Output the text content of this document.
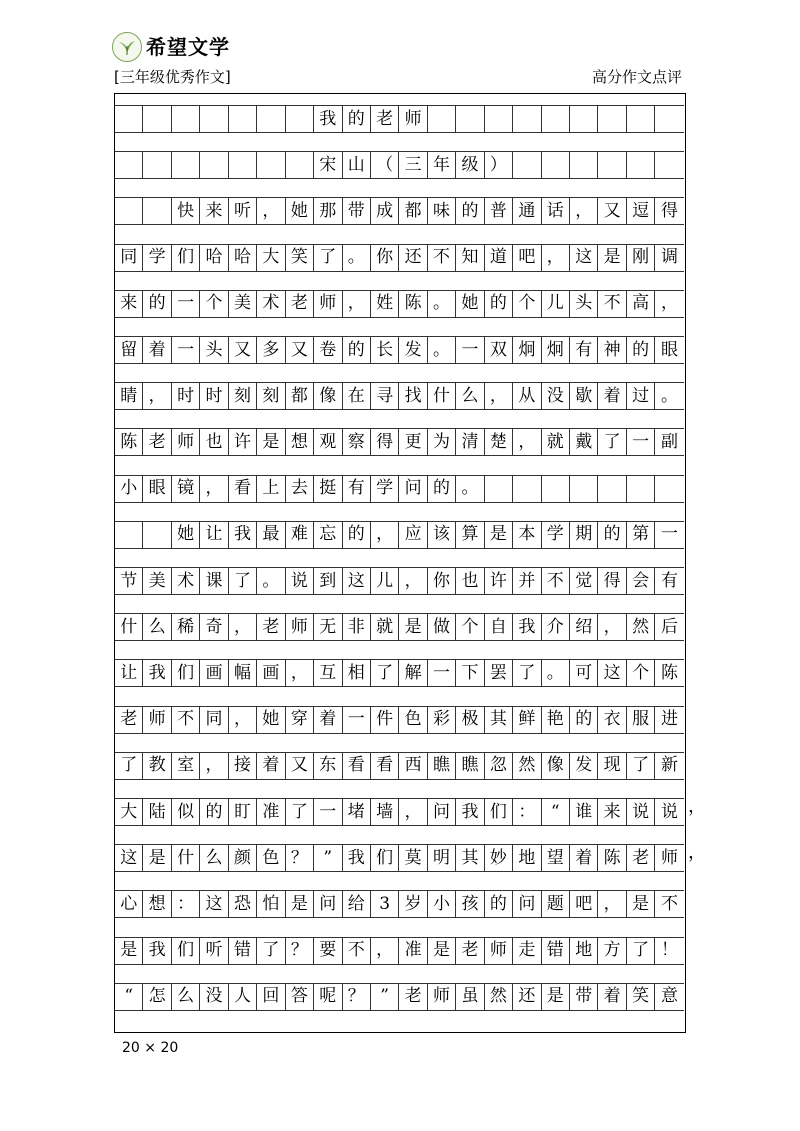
希望文学
[三年级优秀作文]	高分作文点评
我 的 老 师
宋 山 （ 三 年 级 ）
快 来 听 ， 她 那 带 成 都 味 的 普 通 话 ， 又 逗 得
同 学 们 哈 哈 大 笑 了 。 你 还 不 知 道 吧 ， 这 是 刚 调
来 的 一 个 美 术 老 师 ， 姓 陈 。 她 的 个 儿 头 不 高 ，
留 着 一 头 又 多 又 卷 的 长 发 。 一 双 炯 炯 有 神 的 眼
睛 ， 时 时 刻 刻 都 像 在 寻 找 什 么 ， 从 没 歇 着 过 。
陈 老 师 也 许 是 想 观 察 得 更 为 清 楚 ， 就 戴 了 一 副
小 眼 镜 ， 看 上 去 挺 有 学 问 的 。
她 让 我 最 难 忘 的 ， 应 该 算 是 本 学 期 的 第 一
节 美 术 课 了 。 说 到 这 儿 ， 你 也 许 并 不 觉 得 会 有
什 么 稀 奇 ， 老 师 无 非 就 是 做 个 自 我 介 绍 ， 然 后
让 我 们 画 幅 画 ， 互 相 了 解 一 下 罢 了 。 可 这 个 陈
老 师 不 同 ， 她 穿 着 一 件 色 彩 极 其 鲜 艳 的 衣 服 进
了 教 室 ， 接 着 又 东 看 看 西 瞧 瞧 忽 然 像 发 现 了 新
大 陆 似 的 盯 准 了 一 堵 墙 ， 问 我 们 ： “ 谁 来 说 说
这 是 什 么 颜 色 ？ ” 我 们 莫 明 其 妙 地 望 着 陈 老 师
心 想 ： 这 恐 怕 是 问 给 3 岁 小 孩 的 问 题 吧 ， 是 不
是 我 们 听 错 了 ？ 要 不 ， 准 是 老 师 走 错 地 方 了 ！
“ 怎 么 没 人 回 答 呢 ？ ” 老 师 虽 然 还 是 带 着 笑 意
20 × 20
，
，
